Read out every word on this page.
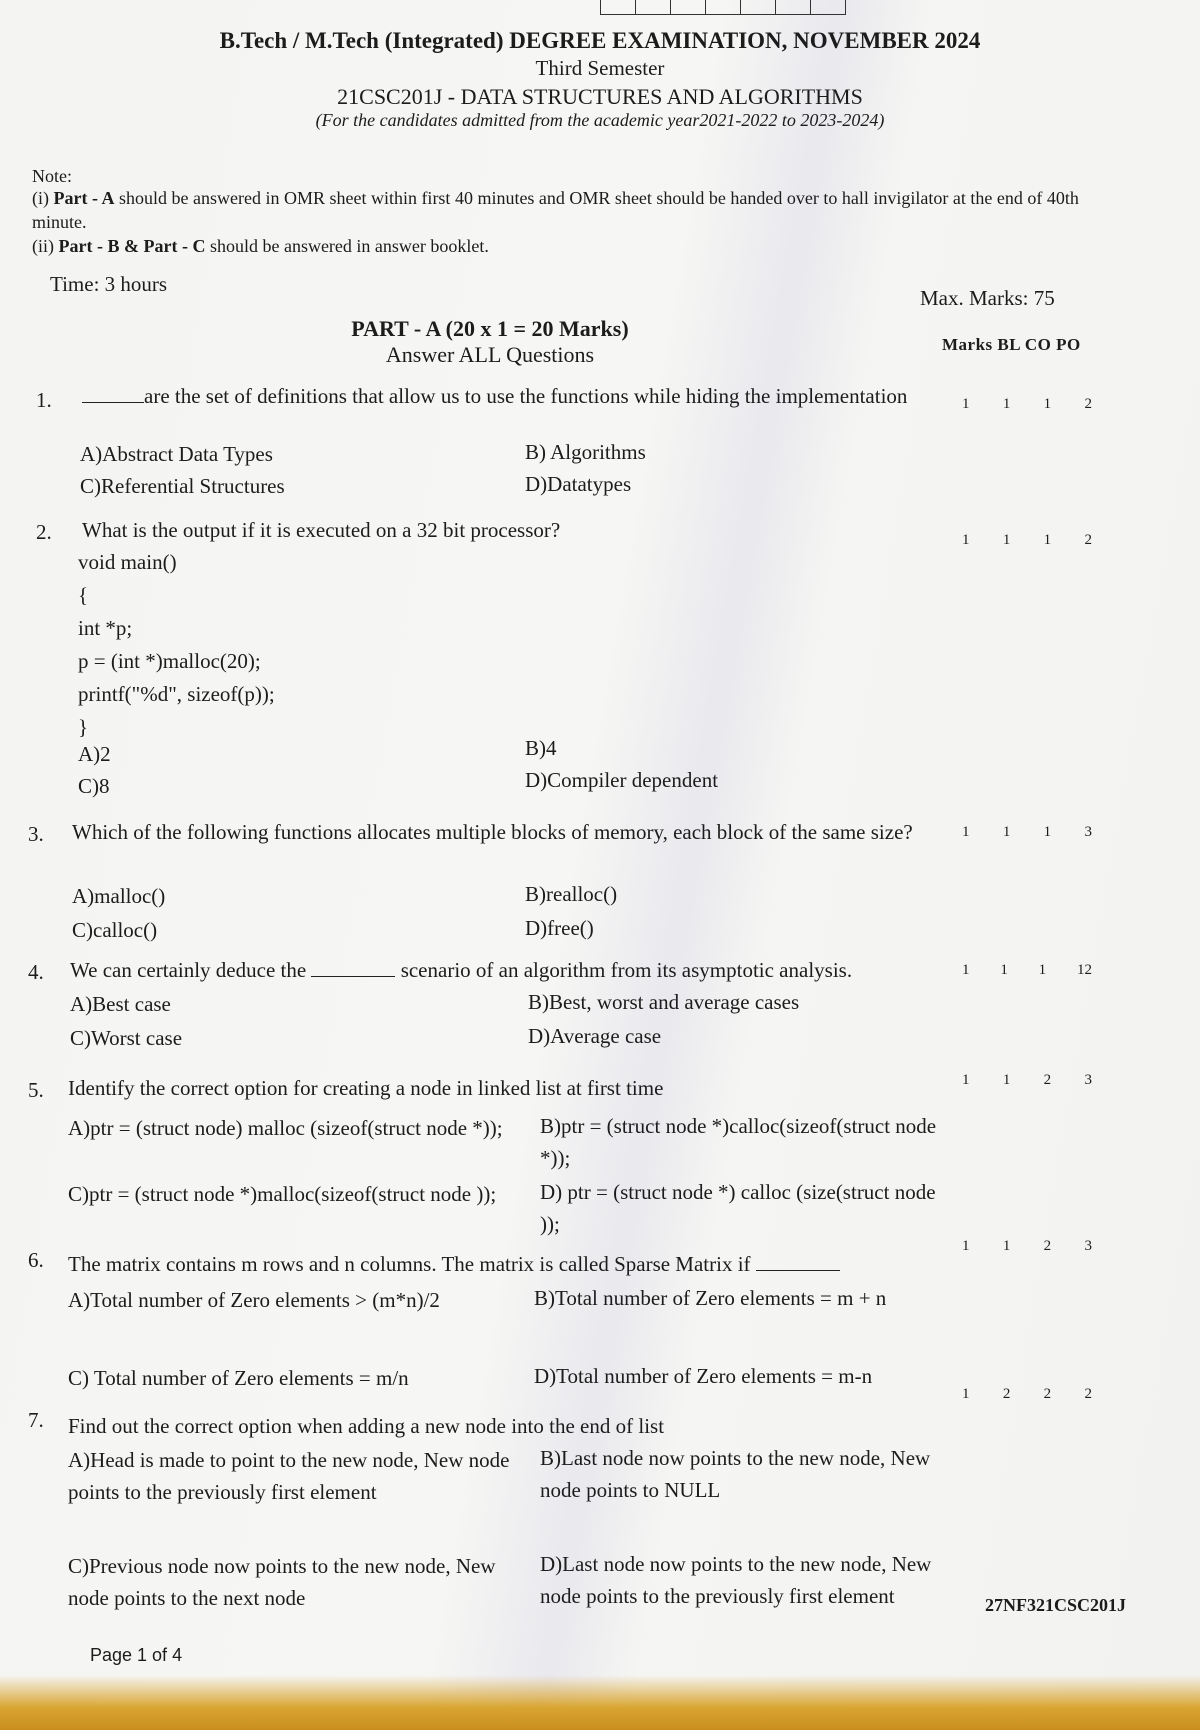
B.Tech / M.Tech (Integrated) DEGREE EXAMINATION, NOVEMBER 2024
Third Semester
21CSC201J - DATA STRUCTURES AND ALGORITHMS
(For the candidates admitted from the academic year2021-2022 to 2023-2024)
Note:
(i) Part - A should be answered in OMR sheet within first 40 minutes and OMR sheet should be handed over to hall invigilator at the end of 40th minute.
(ii) Part - B & Part - C should be answered in answer booklet.
Time: 3 hours
Max. Marks: 75
PART - A (20 x 1 = 20 Marks)
Answer ALL Questions	Marks BL CO PO
1.	are the set of definitions that allow us to use the functions while hiding the implementation	1 1 1 2
A)Abstract Data Types	B) Algorithms
C)Referential Structures	D)Datatypes
2. What is the output if it is executed on a 32 bit processor?	1 1 1 2
void main()
{
int *p;
p = (int *)malloc(20);
printf("%d", sizeof(p));
}
A)2	B)4
C)8	D)Compiler dependent
3. Which of the following functions allocates multiple blocks of memory, each block of the same size?	1 1 1 3
A)malloc()	B)realloc()
C)calloc()	D)free()
4. We can certainly deduce the	scenario of an algorithm from its asymptotic analysis.	1 1 1 12
A)Best case	B)Best, worst and average cases
C)Worst case	D)Average case
5. Identify the correct option for creating a node in linked list at first time	1 1 2 3
A)ptr = (struct node) malloc (sizeof(struct node *));	B)ptr = (struct node *)calloc(sizeof(struct node *));
C)ptr = (struct node *)malloc(sizeof(struct node ));	D) ptr = (struct node *) calloc (size(struct node ));
6. The matrix contains m rows and n columns. The matrix is called Sparse Matrix if
1 1 2 3
A)Total number of Zero elements > (m*n)/2	B)Total number of Zero elements = m + n
C) Total number of Zero elements = m/n	D)Total number of Zero elements = m-n
7. Find out the correct option when adding a new node into the end of list
1 2 2 2
A)Head is made to point to the new node, New node points to the previously first element
B)Last node now points to the new node, New node points to NULL
C)Previous node now points to the new node, New node points to the next node
D)Last node now points to the new node, New node points to the previously first element	27NF321CSC201J
Page 1 of 4
